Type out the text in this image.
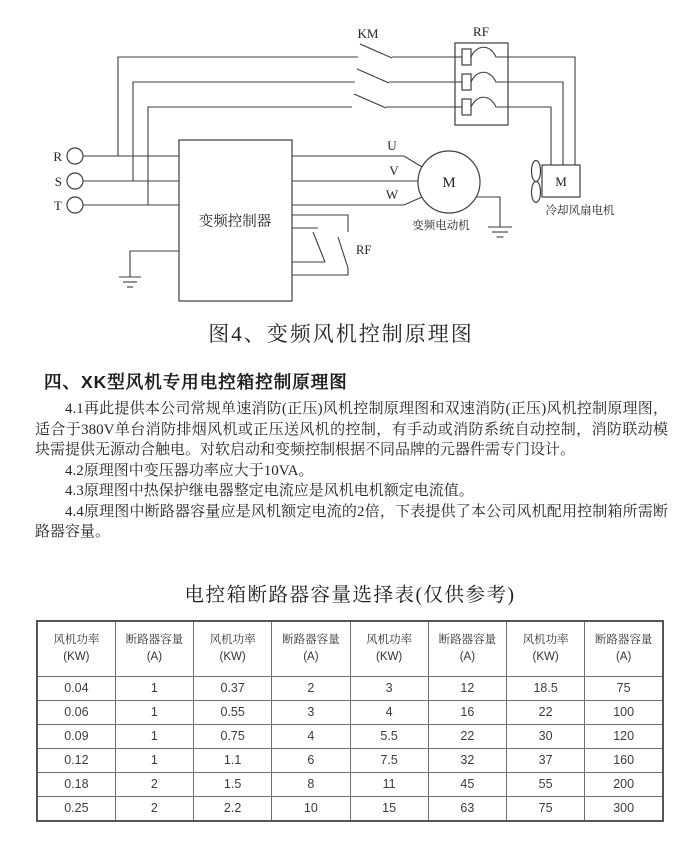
R
S
T
KM	RF
M
冷却风扇电机
变频控制器
U
V
W
M
变频电动机
RF
图4、变频风机控制原理图
四、XK型风机专用电控箱控制原理图

4.1再此提供本公司常规单速消防(正压)风机控制原理图和双速消防(正压)风机控制原理图，适合于380V单台消防排烟风机或正压送风机的控制，有手动或消防系统自动控制，消防联动模块需提供无源动合触电。对软启动和变频控制根据不同品牌的元器件需专门设计。

4.2原理图中变压器功率应大于10VA。

4.3原理图中热保护继电器整定电流应是风机电机额定电流值。

4.4原理图中断路器容量应是风机额定电流的2倍，下表提供了本公司风机配用控制箱所需断路器容量。

电控箱断路器容量选择表(仅供参考)
风机功率
(KW)

断路器容量
(A)

风机功率
(KW)

断路器容量
(A)

风机功率
(KW)

断路器容量
(A)

风机功率
(KW)

断路器容量
(A)

0.04	1	0.37	2	3	12	18.5	75
0.06	1	0.55	3	4	16	22	100
0.09	1	0.75	4	5.5	22	30	120
0.12	1	1.1	6	7.5	32	37	160
0.18	2	1.5	8	11	45	55	200
0.25	2	2.2	10	15	63	75	300
